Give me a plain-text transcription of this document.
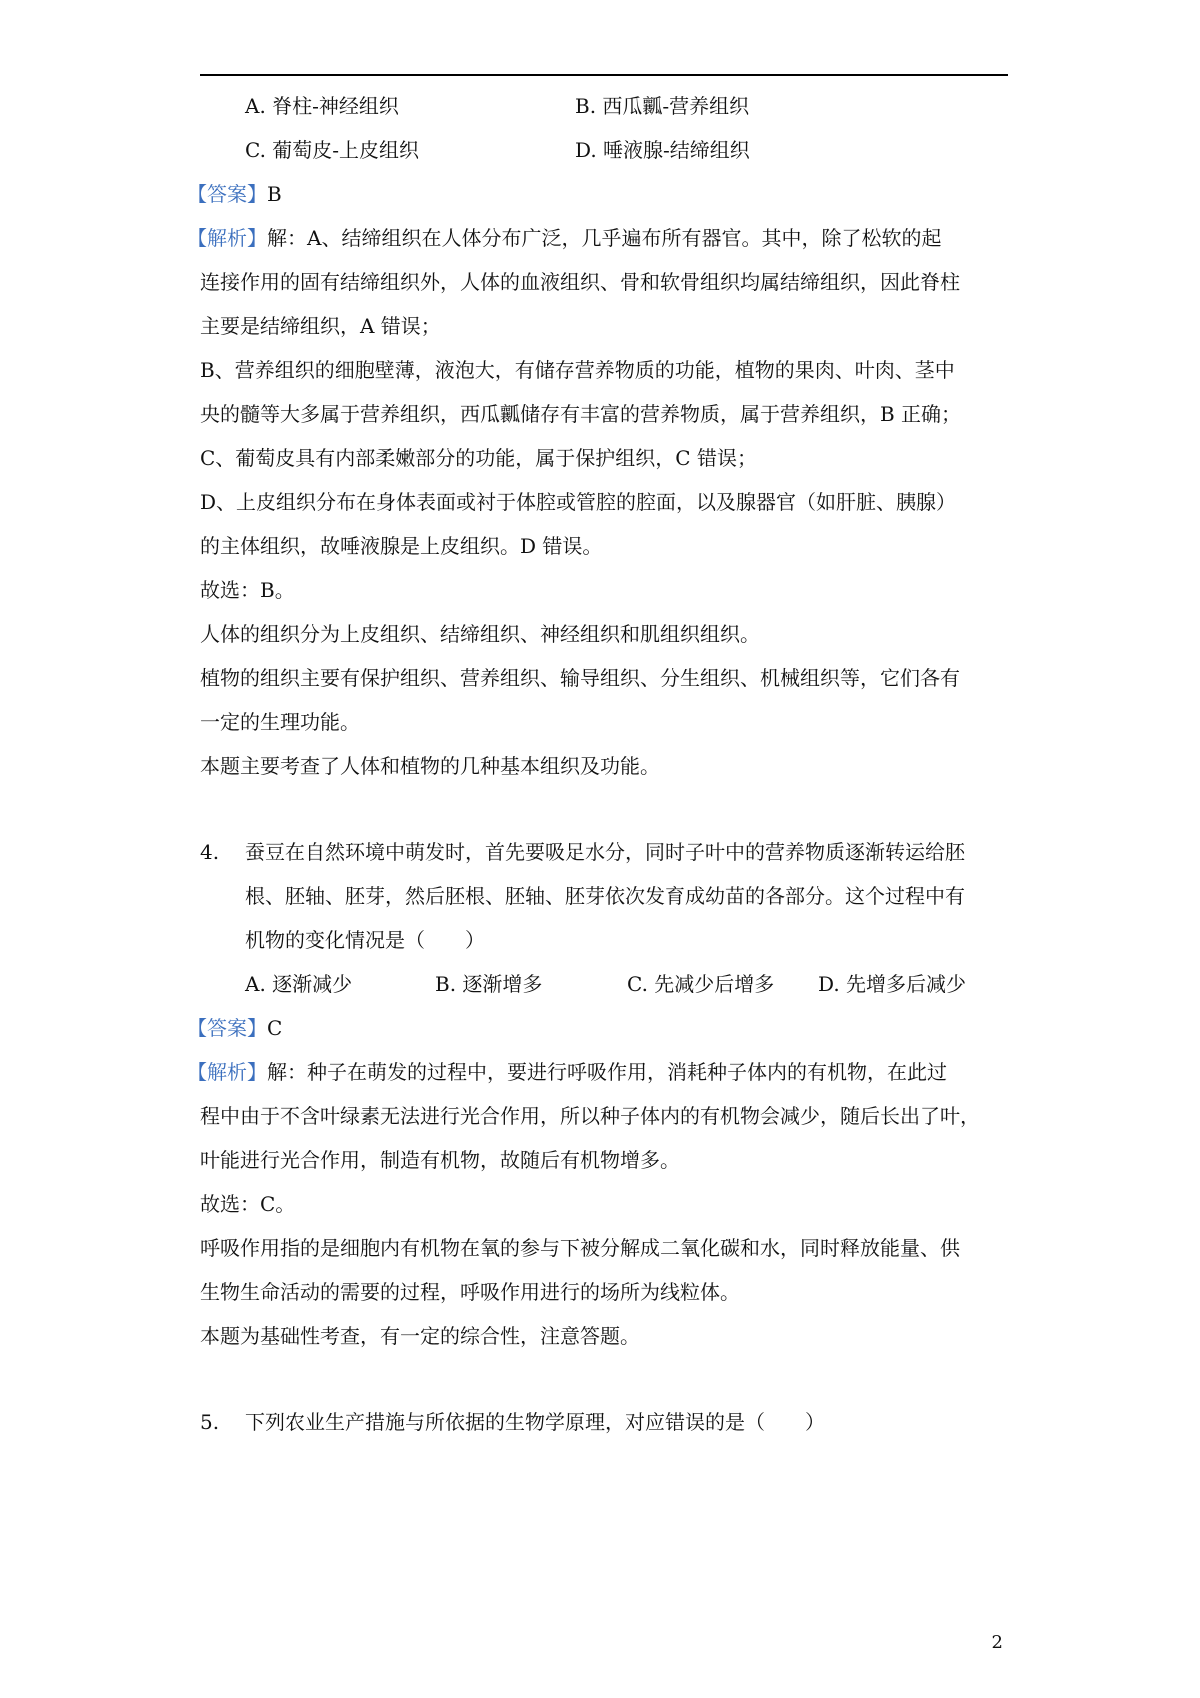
A. 脊柱-神经组织	B. 西瓜瓤-营养组织
C. 葡萄皮-上皮组织	D. 唾液腺-结缔组织
【答案】B
【解析】解：A、结缔组织在人体分布广泛，几乎遍布所有器官。其中，除了松软的起
连接作用的固有结缔组织外，人体的血液组织、骨和软骨组织均属结缔组织，因此脊柱
主要是结缔组织，A 错误；
B、营养组织的细胞壁薄，液泡大，有储存营养物质的功能，植物的果肉、叶肉、茎中
央的髓等大多属于营养组织，西瓜瓤储存有丰富的营养物质，属于营养组织，B 正确；
C、葡萄皮具有内部柔嫩部分的功能，属于保护组织，C 错误；
D、上皮组织分布在身体表面或衬于体腔或管腔的腔面，以及腺器官（如肝脏、胰腺）
的主体组织，故唾液腺是上皮组织。D 错误。
故选：B。
人体的组织分为上皮组织、结缔组织、神经组织和肌组织组织。
植物的组织主要有保护组织、营养组织、输导组织、分生组织、机械组织等，它们各有
一定的生理功能。
本题主要考查了人体和植物的几种基本组织及功能。
4. 蚕豆在自然环境中萌发时，首先要吸足水分，同时子叶中的营养物质逐渐转运给胚
根、胚轴、胚芽，然后胚根、胚轴、胚芽依次发育成幼苗的各部分。这个过程中有
机物的变化情况是（　　）
A. 逐渐减少	B. 逐渐增多	C. 先减少后增多 D. 先增多后减少
【答案】C
【解析】解：种子在萌发的过程中，要进行呼吸作用，消耗种子体内的有机物，在此过
程中由于不含叶绿素无法进行光合作用，所以种子体内的有机物会减少，随后长出了叶，
叶能进行光合作用，制造有机物，故随后有机物增多。
故选：C。
呼吸作用指的是细胞内有机物在氧的参与下被分解成二氧化碳和水，同时释放能量、供
生物生命活动的需要的过程，呼吸作用进行的场所为线粒体。
本题为基础性考查，有一定的综合性，注意答题。
5. 下列农业生产措施与所依据的生物学原理，对应错误的是（　　）
2
